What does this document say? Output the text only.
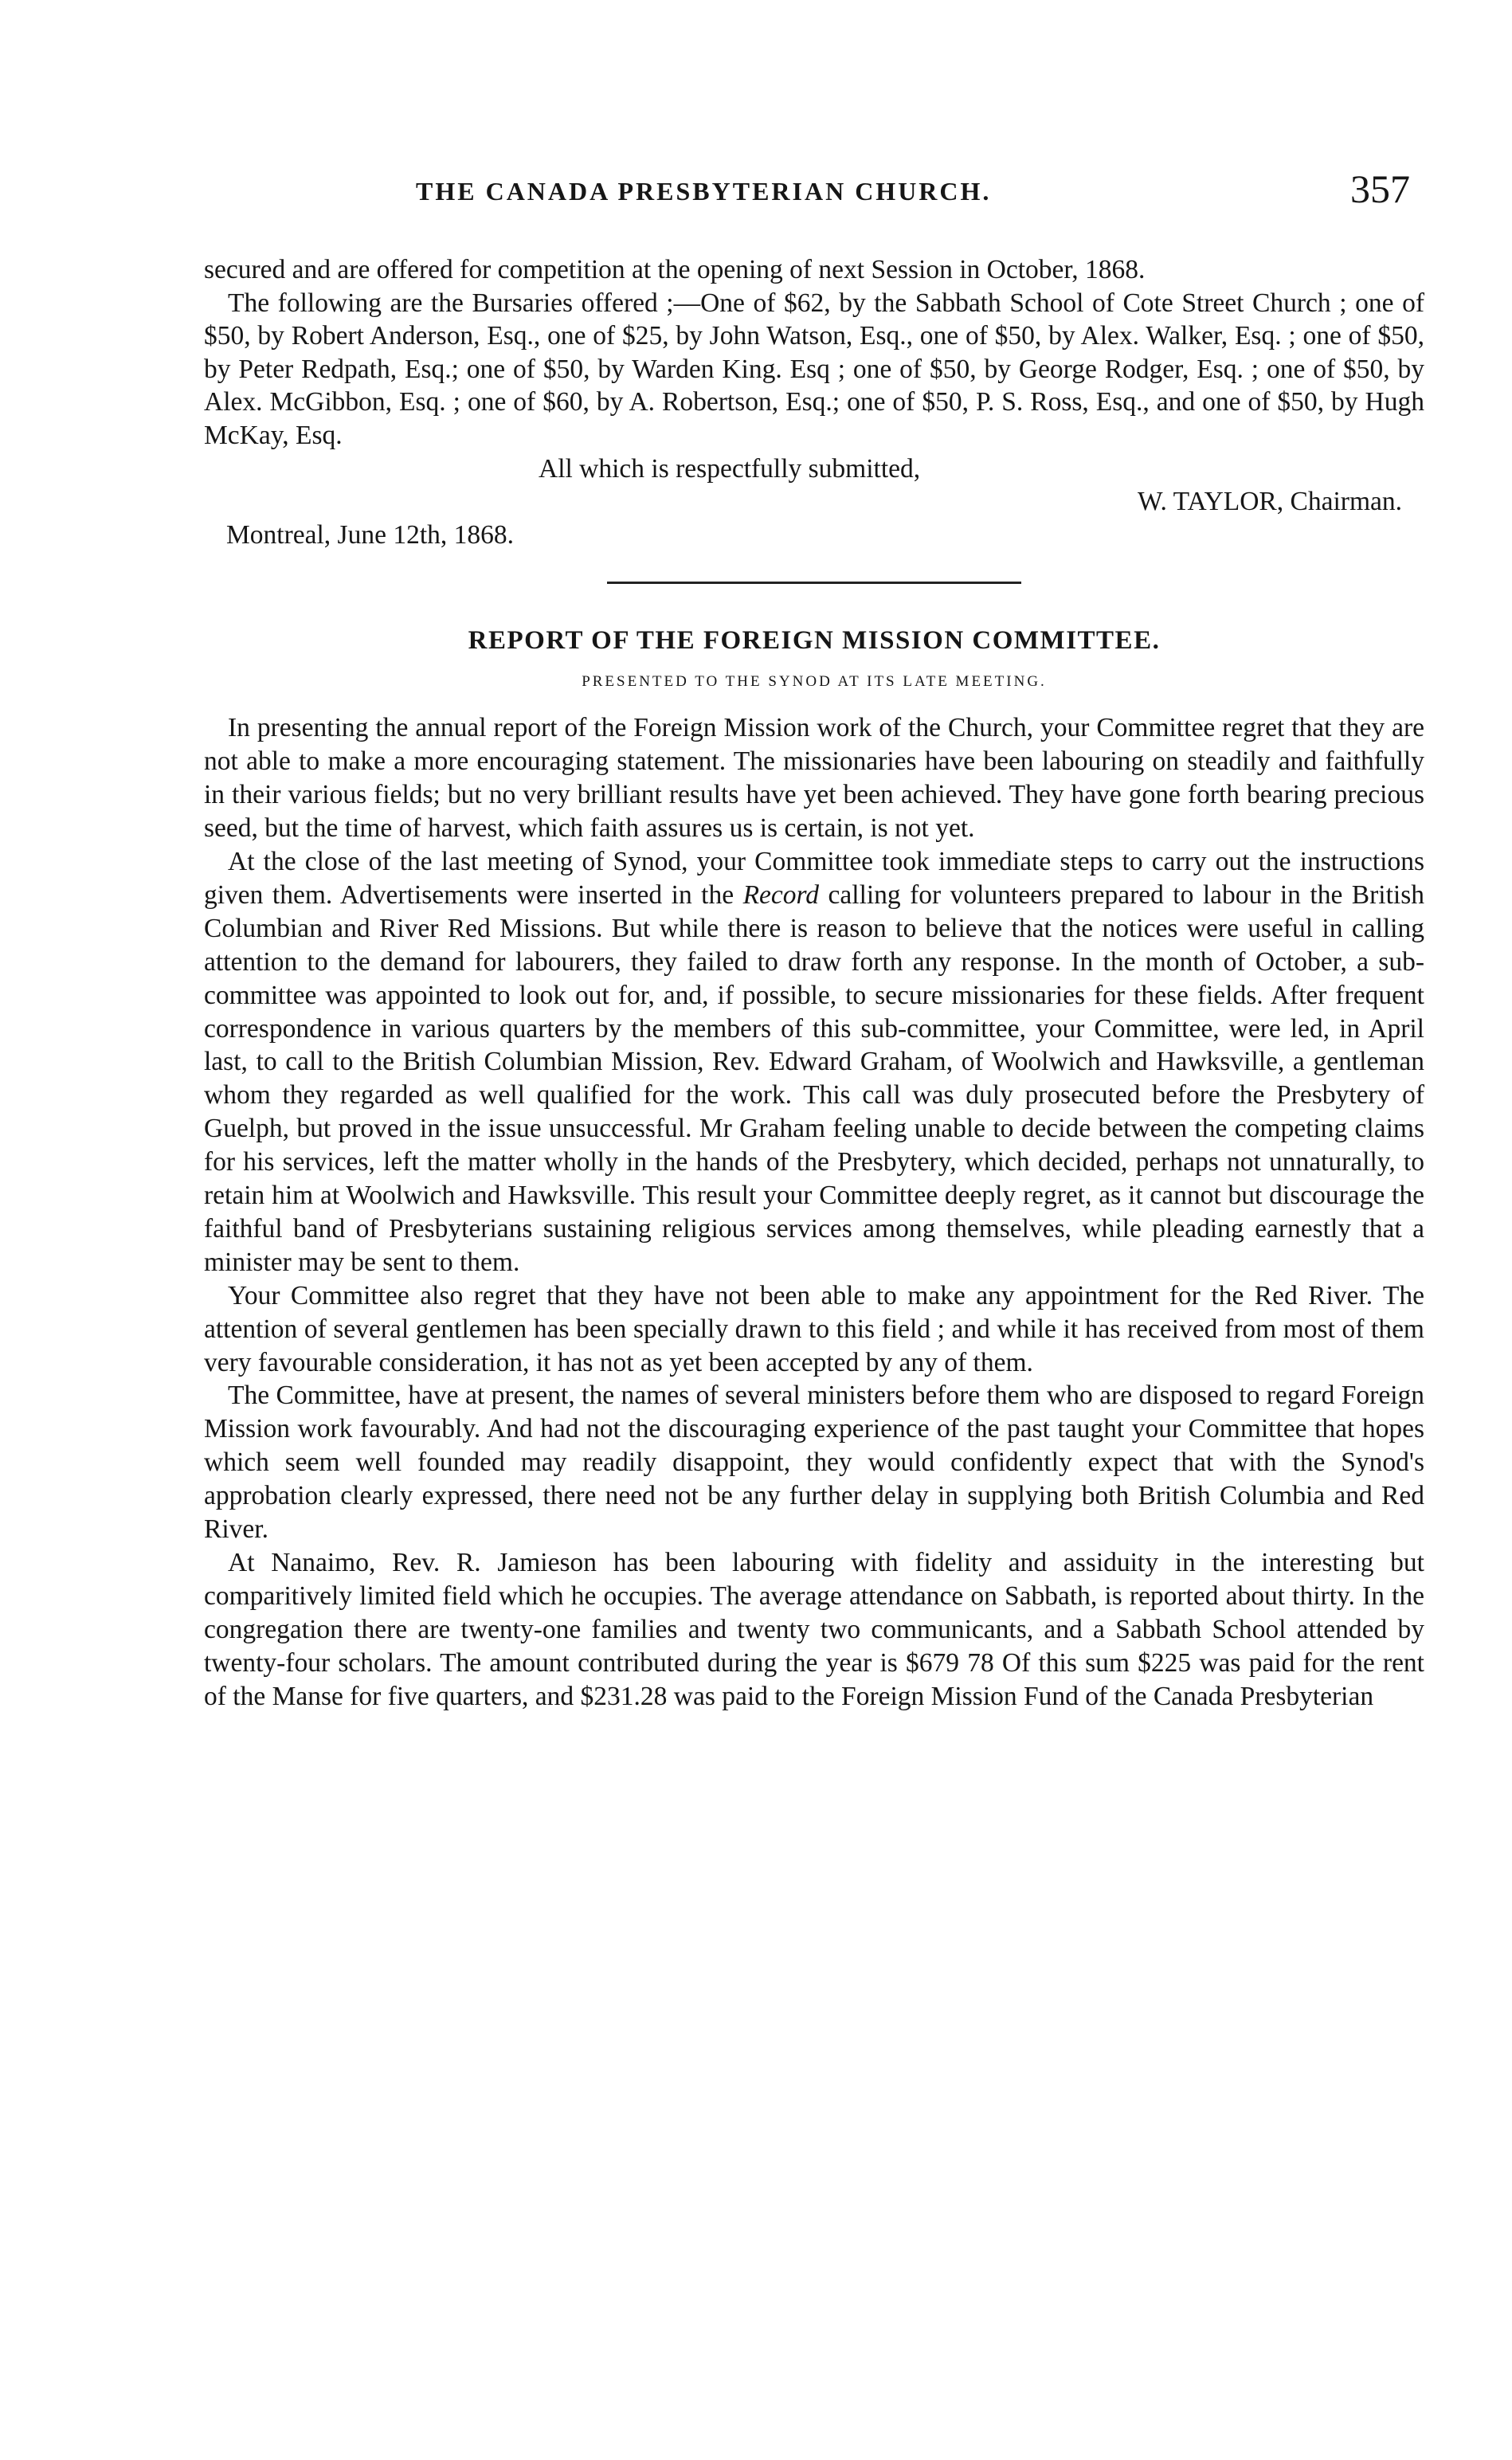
THE CANADA PRESBYTERIAN CHURCH.	357

secured and are offered for competition at the opening of next Session in October, 1868.

The following are the Bursaries offered ;—One of $62, by the Sabbath School of Cote Street Church ; one of $50, by Robert Anderson, Esq., one of $25, by John Watson, Esq., one of $50, by Alex. Walker, Esq. ; one of $50, by Peter Redpath, Esq.; one of $50, by Warden King. Esq ; one of $50, by George Rodger, Esq. ; one of $50, by Alex. McGibbon, Esq. ; one of $60, by A. Robertson, Esq.; one of $50, P. S. Ross, Esq., and one of $50, by Hugh McKay, Esq.

All which is respectfully submitted,
W. TAYLOR, Chairman.
Montreal, June 12th, 1868.
REPORT OF THE FOREIGN MISSION COMMITTEE.
PRESENTED TO THE SYNOD AT ITS LATE MEETING.

In presenting the annual report of the Foreign Mission work of the Church, your Committee regret that they are not able to make a more encouraging statement. The missionaries have been labouring on steadily and faithfully in their various fields; but no very brilliant results have yet been achieved. They have gone forth bearing precious seed, but the time of harvest, which faith assures us is certain, is not yet.

At the close of the last meeting of Synod, your Committee took immediate steps to carry out the instructions given them. Advertisements were inserted in the Record calling for volunteers prepared to labour in the British Columbian and River Red Missions. But while there is reason to believe that the notices were useful in calling attention to the demand for labourers, they failed to draw forth any response. In the month of October, a sub-committee was appointed to look out for, and, if possible, to secure missionaries for these fields. After frequent correspondence in various quarters by the members of this sub-committee, your Committee, were led, in April last, to call to the British Columbian Mission, Rev. Edward Graham, of Woolwich and Hawksville, a gentleman whom they regarded as well qualified for the work. This call was duly prosecuted before the Presbytery of Guelph, but proved in the issue unsuccessful. Mr Graham feeling unable to decide between the competing claims for his services, left the matter wholly in the hands of the Presbytery, which decided, perhaps not unnaturally, to retain him at Woolwich and Hawksville. This result your Committee deeply regret, as it cannot but discourage the faithful band of Presbyterians sustaining religious services among themselves, while pleading earnestly that a minister may be sent to them.

Your Committee also regret that they have not been able to make any appointment for the Red River. The attention of several gentlemen has been specially drawn to this field ; and while it has received from most of them very favourable consideration, it has not as yet been accepted by any of them.

The Committee, have at present, the names of several ministers before them who are disposed to regard Foreign Mission work favourably. And had not the discouraging experience of the past taught your Committee that hopes which seem well founded may readily disappoint, they would confidently expect that with the Synod's approbation clearly expressed, there need not be any further delay in supplying both British Columbia and Red River.

At Nanaimo, Rev. R. Jamieson has been labouring with fidelity and assiduity in the interesting but comparitively limited field which he occupies. The average attendance on Sabbath, is reported about thirty. In the congregation there are twenty-one families and twenty two communicants, and a Sabbath School attended by twenty-four scholars. The amount contributed during the year is $679 78 Of this sum $225 was paid for the rent of the Manse for five quarters, and $231.28 was paid to the Foreign Mission Fund of the Canada Presbyterian
